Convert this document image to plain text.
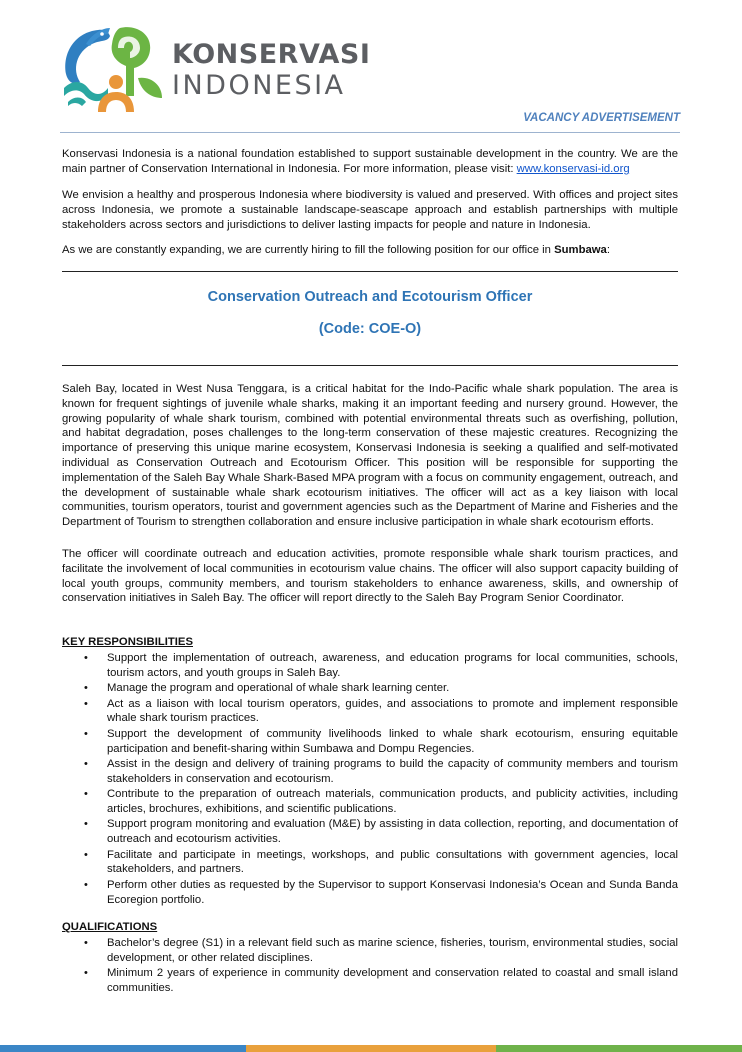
KONSERVASI
INDONESIA
VACANCY ADVERTISEMENT

Konservasi Indonesia is a national foundation established to support sustainable development in the country. We are the main partner of Conservation International in Indonesia. For more information, please visit: www.konservasi-id.org

We envision a healthy and prosperous Indonesia where biodiversity is valued and preserved. With offices and project sites across Indonesia, we promote a sustainable landscape-seascape approach and establish partnerships with multiple stakeholders across sectors and jurisdictions to deliver lasting impacts for people and nature in Indonesia.

As we are constantly expanding, we are currently hiring to fill the following position for our office in Sumbawa:

Conservation Outreach and Ecotourism Officer
(Code: COE-O)

Saleh Bay, located in West Nusa Tenggara, is a critical habitat for the Indo-Pacific whale shark population. The area is known for frequent sightings of juvenile whale sharks, making it an important feeding and nursery ground. However, the growing popularity of whale shark tourism, combined with potential environmental threats such as overfishing, pollution, and habitat degradation, poses challenges to the long-term conservation of these majestic creatures. Recognizing the importance of preserving this unique marine ecosystem, Konservasi Indonesia is seeking a qualified and self-motivated individual as Conservation Outreach and Ecotourism Officer. This position will be responsible for supporting the implementation of the Saleh Bay Whale Shark-Based MPA program with a focus on community engagement, outreach, and the development of sustainable whale shark ecotourism initiatives. The officer will act as a key liaison with local communities, tourism operators, tourist and government agencies such as the Department of Marine and Fisheries and the Department of Tourism to strengthen collaboration and ensure inclusive participation in whale shark ecotourism efforts.

The officer will coordinate outreach and education activities, promote responsible whale shark tourism practices, and facilitate the involvement of local communities in ecotourism value chains. The officer will also support capacity building of local youth groups, community members, and tourism stakeholders to enhance awareness, skills, and ownership of conservation initiatives in Saleh Bay. The officer will report directly to the Saleh Bay Program Senior Coordinator.

KEY RESPONSIBILITIES
• Support the implementation of outreach, awareness, and education programs for local communities, schools, tourism actors, and youth groups in Saleh Bay.
• Manage the program and operational of whale shark learning center.
• Act as a liaison with local tourism operators, guides, and associations to promote and implement responsible whale shark tourism practices.
• Support the development of community livelihoods linked to whale shark ecotourism, ensuring equitable participation and benefit-sharing within Sumbawa and Dompu Regencies.
• Assist in the design and delivery of training programs to build the capacity of community members and tourism stakeholders in conservation and ecotourism.
• Contribute to the preparation of outreach materials, communication products, and publicity activities, including articles, brochures, exhibitions, and scientific publications.
• Support program monitoring and evaluation (M&E) by assisting in data collection, reporting, and documentation of outreach and ecotourism activities.
• Facilitate and participate in meetings, workshops, and public consultations with government agencies, local stakeholders, and partners.
• Perform other duties as requested by the Supervisor to support Konservasi Indonesia’s Ocean and Sunda Banda Ecoregion portfolio.
QUALIFICATIONS
• Bachelor’s degree (S1) in a relevant field such as marine science, fisheries, tourism, environmental studies, social development, or other related disciplines.
• Minimum 2 years of experience in community development and conservation related to coastal and small island communities.
